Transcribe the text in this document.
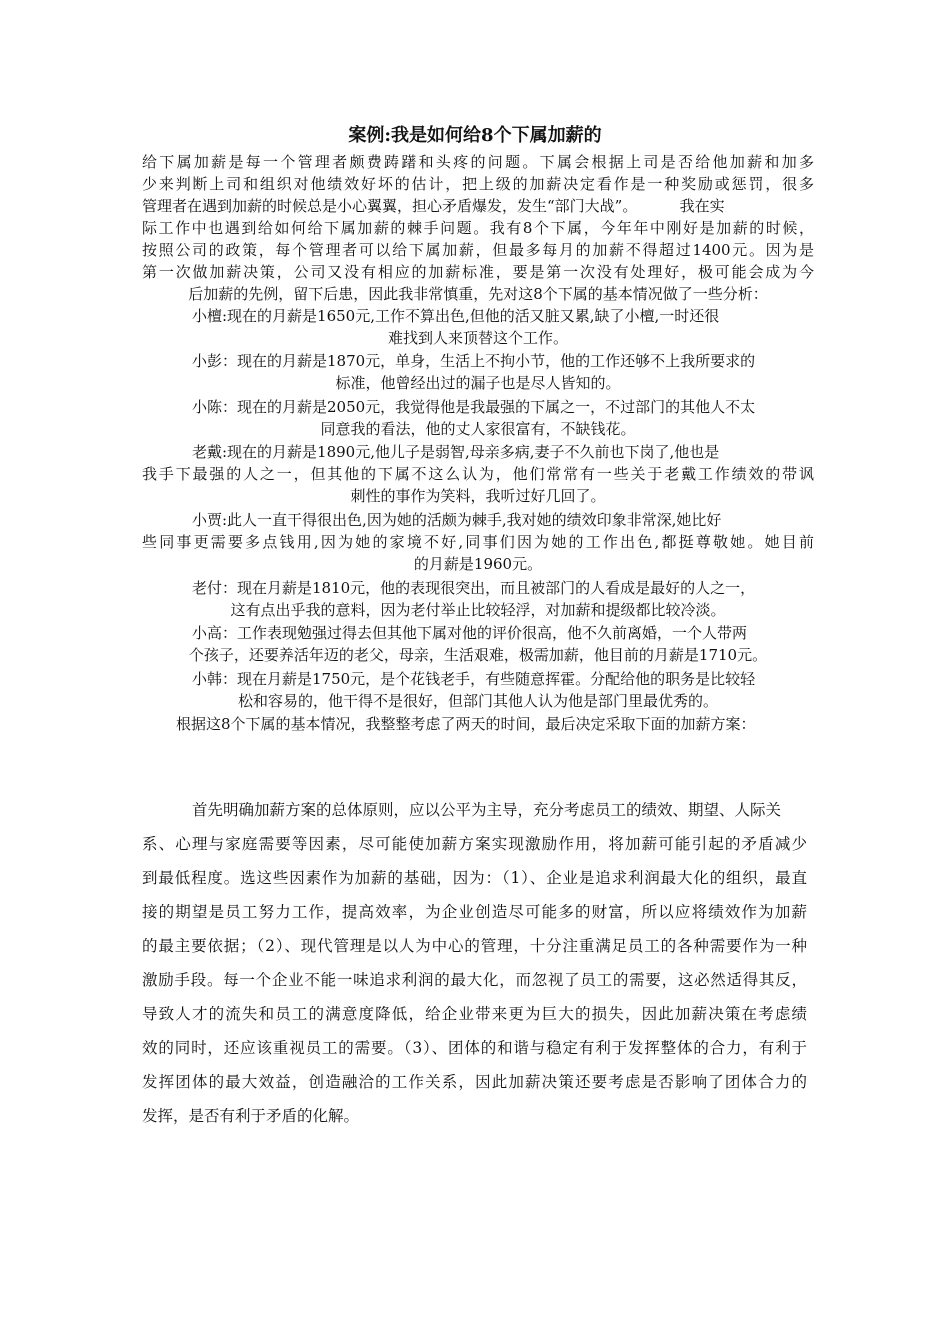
案例:我是如何给8个下属加薪的
给下属加薪是每一个管理者颇费踌躇和头疼的问题。下属会根据上司是否给他加薪和加多
少来判断上司和组织对他绩效好坏的估计，把上级的加薪决定看作是一种奖励或惩罚，很多
管理者在遇到加薪的时候总是小心翼翼，担心矛盾爆发，发生“部门大战”。　　　 我在实
际工作中也遇到给如何给下属加薪的棘手问题。我有8个下属，今年年中刚好是加薪的时候，
按照公司的政策，每个管理者可以给下属加薪，但最多每月的加薪不得超过1400元。因为是
第一次做加薪决策，公司又没有相应的加薪标准，要是第一次没有处理好，极可能会成为今
后加薪的先例，留下后患，因此我非常慎重，先对这8个下属的基本情况做了一些分析：
小檀:现在的月薪是1650元,工作不算出色,但他的活又脏又累,缺了小檀,一时还很
难找到人来顶替这个工作。
小彭：现在的月薪是1870元，单身，生活上不拘小节，他的工作还够不上我所要求的
标准，他曾经出过的漏子也是尽人皆知的。
小陈：现在的月薪是2050元，我觉得他是我最强的下属之一，不过部门的其他人不太
同意我的看法，他的丈人家很富有，不缺钱花。
老戴:现在的月薪是1890元,他儿子是弱智,母亲多病,妻子不久前也下岗了,他也是
我手下最强的人之一，但其他的下属不这么认为，他们常常有一些关于老戴工作绩效的带讽
刺性的事作为笑料，我听过好几回了。
小贾:此人一直干得很出色,因为她的活颇为棘手,我对她的绩效印象非常深,她比好
些同事更需要多点钱用,因为她的家境不好,同事们因为她的工作出色,都挺尊敬她。她目前
的月薪是1960元。
老付：现在月薪是1810元，他的表现很突出，而且被部门的人看成是最好的人之一，
这有点出乎我的意料，因为老付举止比较轻浮，对加薪和提级都比较冷淡。
小高：工作表现勉强过得去但其他下属对他的评价很高，他不久前离婚，一个人带两
个孩子，还要养活年迈的老父，母亲，生活艰难，极需加薪，他目前的月薪是1710元。
小韩：现在月薪是1750元，是个花钱老手，有些随意挥霍。分配给他的职务是比较轻
松和容易的，他干得不是很好，但部门其他人认为他是部门里最优秀的。
根据这8个下属的基本情况，我整整考虑了两天的时间，最后决定采取下面的加薪方案：
首先明确加薪方案的总体原则，应以公平为主导，充分考虑员工的绩效、期望、人际关
系、心理与家庭需要等因素，尽可能使加薪方案实现激励作用，将加薪可能引起的矛盾减少
到最低程度。选这些因素作为加薪的基础，因为：（1）、企业是追求利润最大化的组织，最直
接的期望是员工努力工作，提高效率，为企业创造尽可能多的财富，所以应将绩效作为加薪
的最主要依据；（2）、现代管理是以人为中心的管理，十分注重满足员工的各种需要作为一种
激励手段。每一个企业不能一味追求利润的最大化，而忽视了员工的需要，这必然适得其反，
导致人才的流失和员工的满意度降低，给企业带来更为巨大的损失，因此加薪决策在考虑绩
效的同时，还应该重视员工的需要。（3）、团体的和谐与稳定有利于发挥整体的合力，有利于
发挥团体的最大效益，创造融洽的工作关系，因此加薪决策还要考虑是否影响了团体合力的
发挥，是否有利于矛盾的化解。
